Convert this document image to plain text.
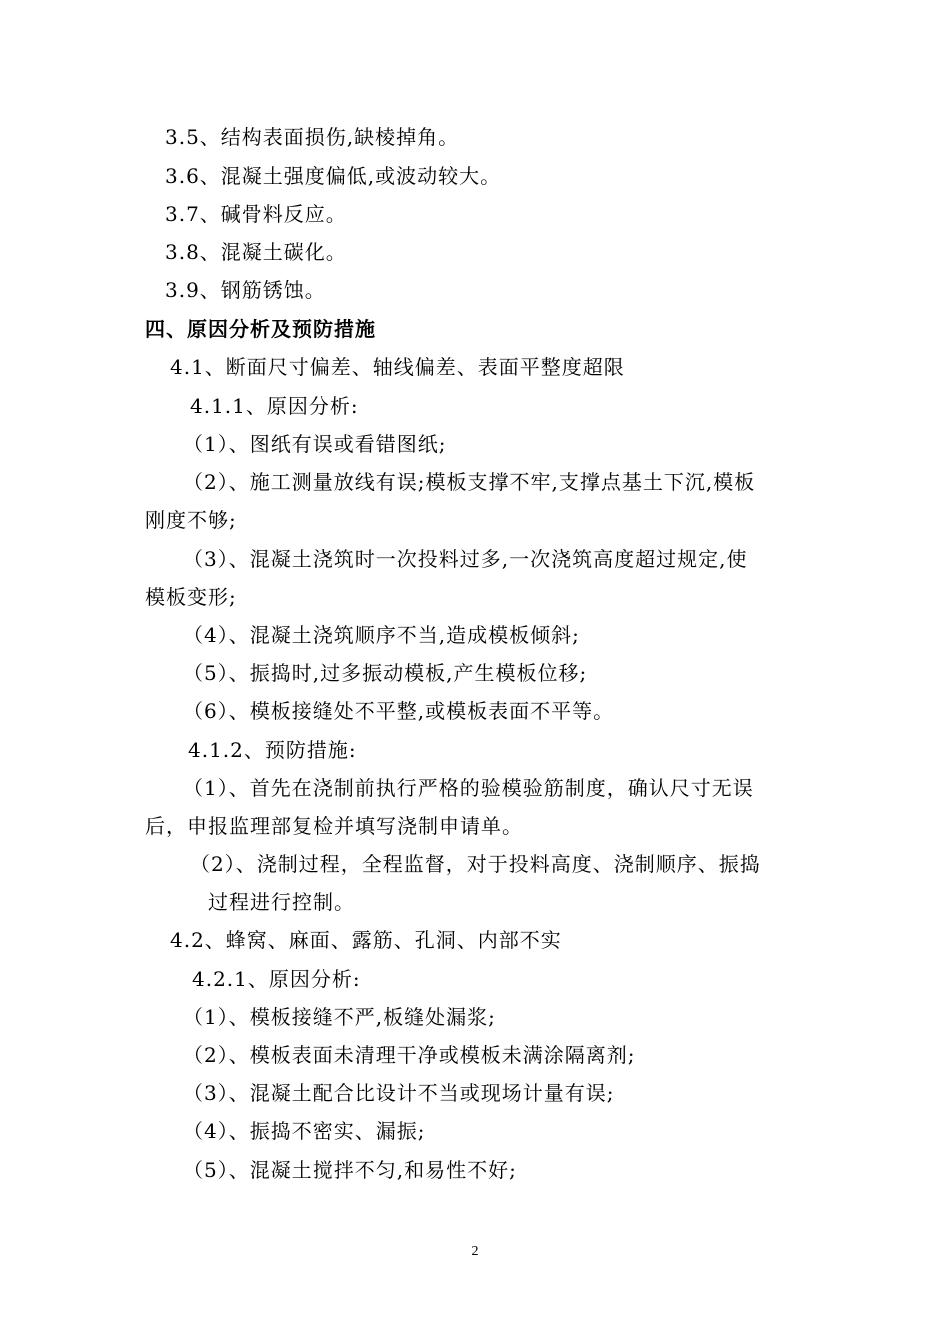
3.5、结构表面损伤,缺棱掉角。
3.6、混凝土强度偏低,或波动较大。
3.7、碱骨料反应。
3.8、混凝土碳化。
3.9、钢筋锈蚀。
四、原因分析及预防措施
4.1、断面尺寸偏差、轴线偏差、表面平整度超限
4.1.1、原因分析:
（1）、图纸有误或看错图纸;
（2）、施工测量放线有误;模板支撑不牢,支撑点基土下沉,模板
刚度不够;
（3）、混凝土浇筑时一次投料过多,一次浇筑高度超过规定,使
模板变形;
（4）、混凝土浇筑顺序不当,造成模板倾斜;
（5）、振捣时,过多振动模板,产生模板位移;
（6）、模板接缝处不平整,或模板表面不平等。
4.1.2、预防措施:
（1）、首先在浇制前执行严格的验模验筋制度，确认尺寸无误
后，申报监理部复检并填写浇制申请单。
（2）、浇制过程，全程监督，对于投料高度、浇制顺序、振捣
过程进行控制。
4.2、蜂窝、麻面、露筋、孔洞、内部不实
4.2.1、原因分析:
（1）、模板接缝不严,板缝处漏浆;
（2）、模板表面未清理干净或模板未满涂隔离剂;
（3）、混凝土配合比设计不当或现场计量有误;
（4）、振捣不密实、漏振;
（5）、混凝土搅拌不匀,和易性不好;
2
